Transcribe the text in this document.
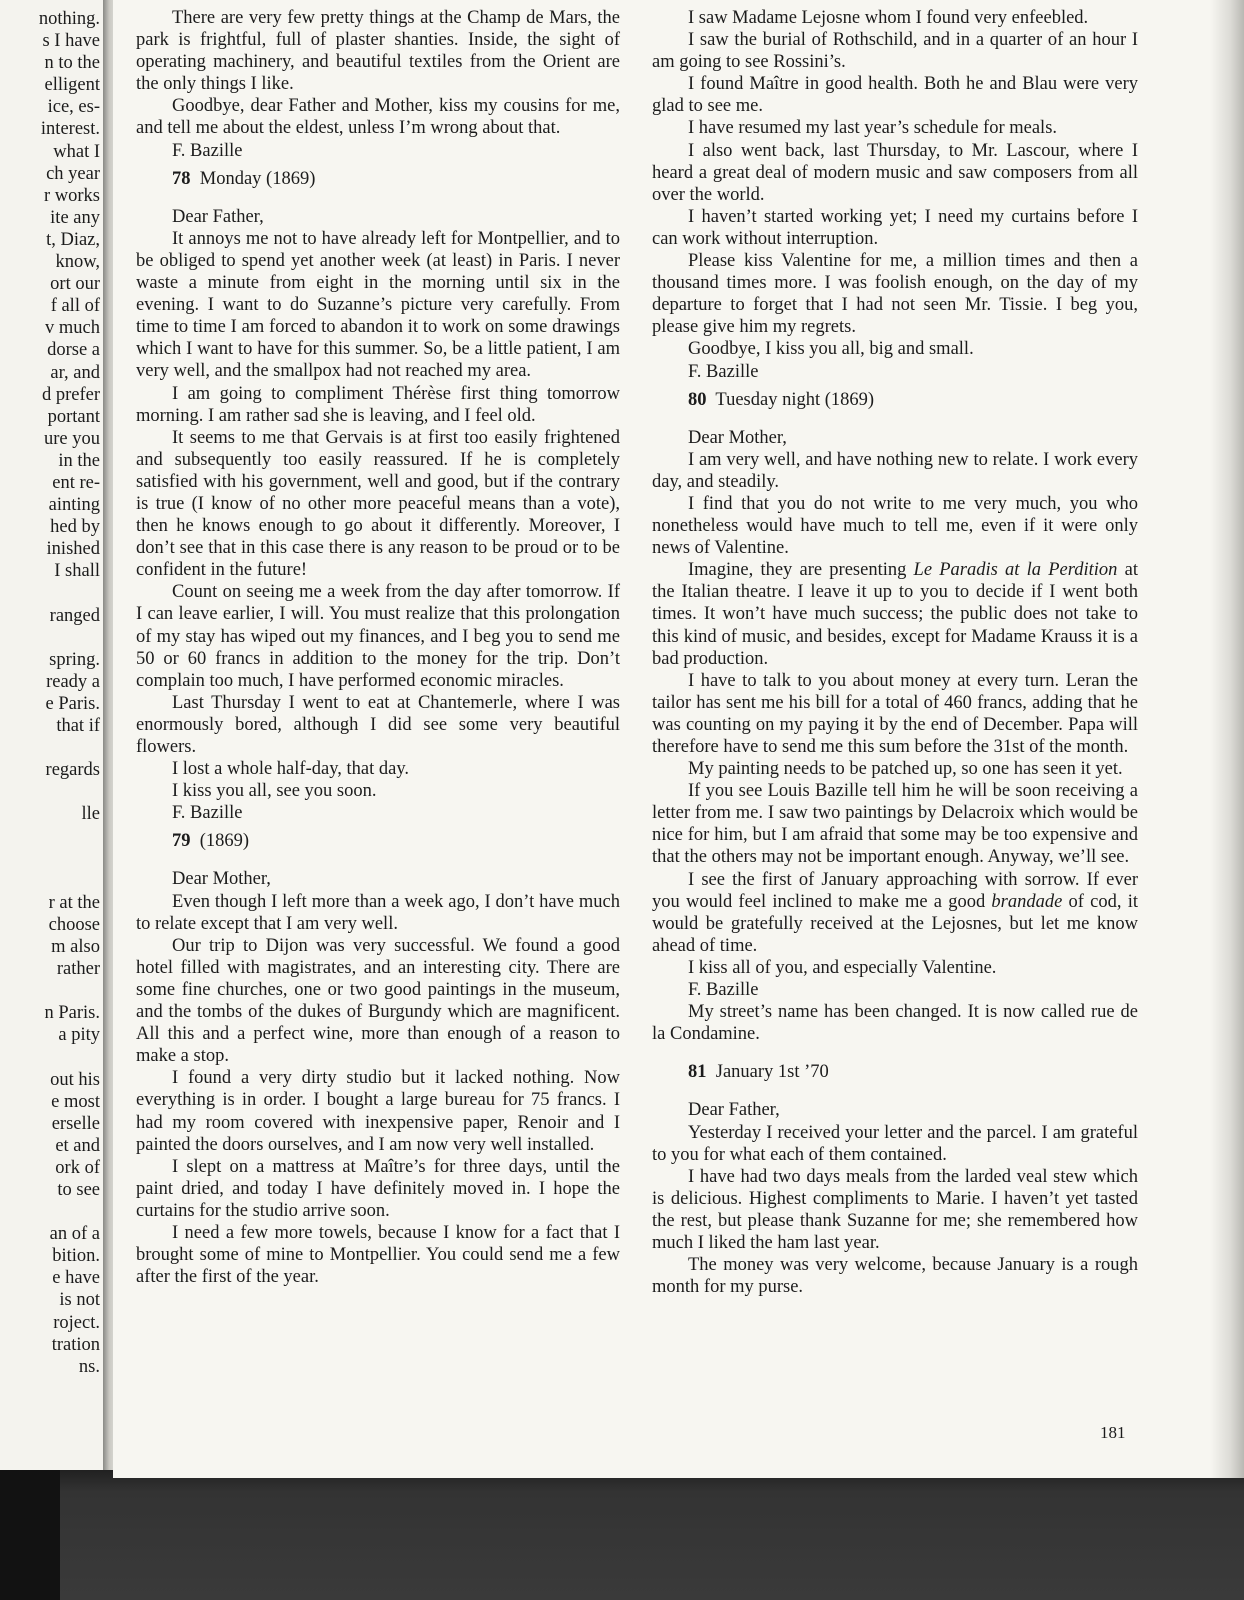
nothing.
s I have
n to the
elligent
ice, es-
interest.
what I
ch year
r works
ite any
t, Diaz,
know,
ort our
f all of
v much
dorse a
ar, and
d prefer
portant
ure you
in the
ent re-
ainting
hed by
inished
I shall
ranged
spring.
ready a
e Paris.
that if
regards
lle
r at the
choose
m also
rather
n Paris.
a pity
out his
e most
erselle
et and
ork of
to see
an of a
bition.
e have
is not
roject.
tration
ns.

There are very few pretty things at the Champ de Mars, the park is frightful, full of plaster shanties. Inside, the sight of operating machinery, and beautiful textiles from the Orient are the only things I like.

Goodbye, dear Father and Mother, kiss my cousins for me, and tell me about the eldest, unless I’m wrong about that.

F. Bazille

78 Monday (1869)

Dear Father,

It annoys me not to have already left for Montpellier, and to be obliged to spend yet another week (at least) in Paris. I never waste a minute from eight in the morning until six in the evening. I want to do Suzanne’s picture very carefully. From time to time I am forced to abandon it to work on some drawings which I want to have for this summer. So, be a little patient, I am very well, and the smallpox had not reached my area.

I am going to compliment Thérèse first thing tomorrow morning. I am rather sad she is leaving, and I feel old.

It seems to me that Gervais is at first too easily frightened and subsequently too easily reassured. If he is completely satisfied with his government, well and good, but if the contrary is true (I know of no other more peaceful means than a vote), then he knows enough to go about it differently. Moreover, I don’t see that in this case there is any reason to be proud or to be confident in the future!

Count on seeing me a week from the day after tomorrow. If I can leave earlier, I will. You must realize that this prolongation of my stay has wiped out my finances, and I beg you to send me 50 or 60 francs in addition to the money for the trip. Don’t complain too much, I have performed economic miracles.

Last Thursday I went to eat at Chantemerle, where I was enormously bored, although I did see some very beautiful flowers.

I lost a whole half-day, that day.

I kiss you all, see you soon.

F. Bazille

79 (1869)

Dear Mother,

Even though I left more than a week ago, I don’t have much to relate except that I am very well.

Our trip to Dijon was very successful. We found a good hotel filled with magistrates, and an interesting city. There are some fine churches, one or two good paintings in the museum, and the tombs of the dukes of Burgundy which are magnificent. All this and a perfect wine, more than enough of a reason to make a stop.

I found a very dirty studio but it lacked nothing. Now everything is in order. I bought a large bureau for 75 francs. I had my room covered with inexpensive paper, Renoir and I painted the doors ourselves, and I am now very well installed.

I slept on a mattress at Maître’s for three days, until the paint dried, and today I have definitely moved in. I hope the curtains for the studio arrive soon.

I need a few more towels, because I know for a fact that I brought some of mine to Montpellier. You could send me a few after the first of the year.

I saw Madame Lejosne whom I found very enfeebled.

I saw the burial of Rothschild, and in a quarter of an hour I am going to see Rossini’s.

I found Maître in good health. Both he and Blau were very glad to see me.

I have resumed my last year’s schedule for meals.

I also went back, last Thursday, to Mr. Lascour, where I heard a great deal of modern music and saw composers from all over the world.

I haven’t started working yet; I need my curtains before I can work without interruption.

Please kiss Valentine for me, a million times and then a thousand times more. I was foolish enough, on the day of my departure to forget that I had not seen Mr. Tissie. I beg you, please give him my regrets.

Goodbye, I kiss you all, big and small.

F. Bazille

80 Tuesday night (1869)

Dear Mother,

I am very well, and have nothing new to relate. I work every day, and steadily.

I find that you do not write to me very much, you who nonetheless would have much to tell me, even if it were only news of Valentine.

Imagine, they are presenting Le Paradis at la Perdition at the Italian theatre. I leave it up to you to decide if I went both times. It won’t have much success; the public does not take to this kind of music, and besides, except for Madame Krauss it is a bad production.

I have to talk to you about money at every turn. Leran the tailor has sent me his bill for a total of 460 francs, adding that he was counting on my paying it by the end of December. Papa will therefore have to send me this sum before the 31st of the month.

My painting needs to be patched up, so one has seen it yet.

If you see Louis Bazille tell him he will be soon receiving a letter from me. I saw two paintings by Delacroix which would be nice for him, but I am afraid that some may be too expensive and that the others may not be important enough. Anyway, we’ll see.

I see the first of January approaching with sorrow. If ever you would feel inclined to make me a good brandade of cod, it would be gratefully received at the Lejosnes, but let me know ahead of time.

I kiss all of you, and especially Valentine.

F. Bazille

My street’s name has been changed. It is now called rue de la Condamine.

81 January 1st ’70

Dear Father,

Yesterday I received your letter and the parcel. I am grateful to you for what each of them contained.

I have had two days meals from the larded veal stew which is delicious. Highest compliments to Marie. I haven’t yet tasted the rest, but please thank Suzanne for me; she remembered how much I liked the ham last year.

The money was very welcome, because January is a rough month for my purse.

181
